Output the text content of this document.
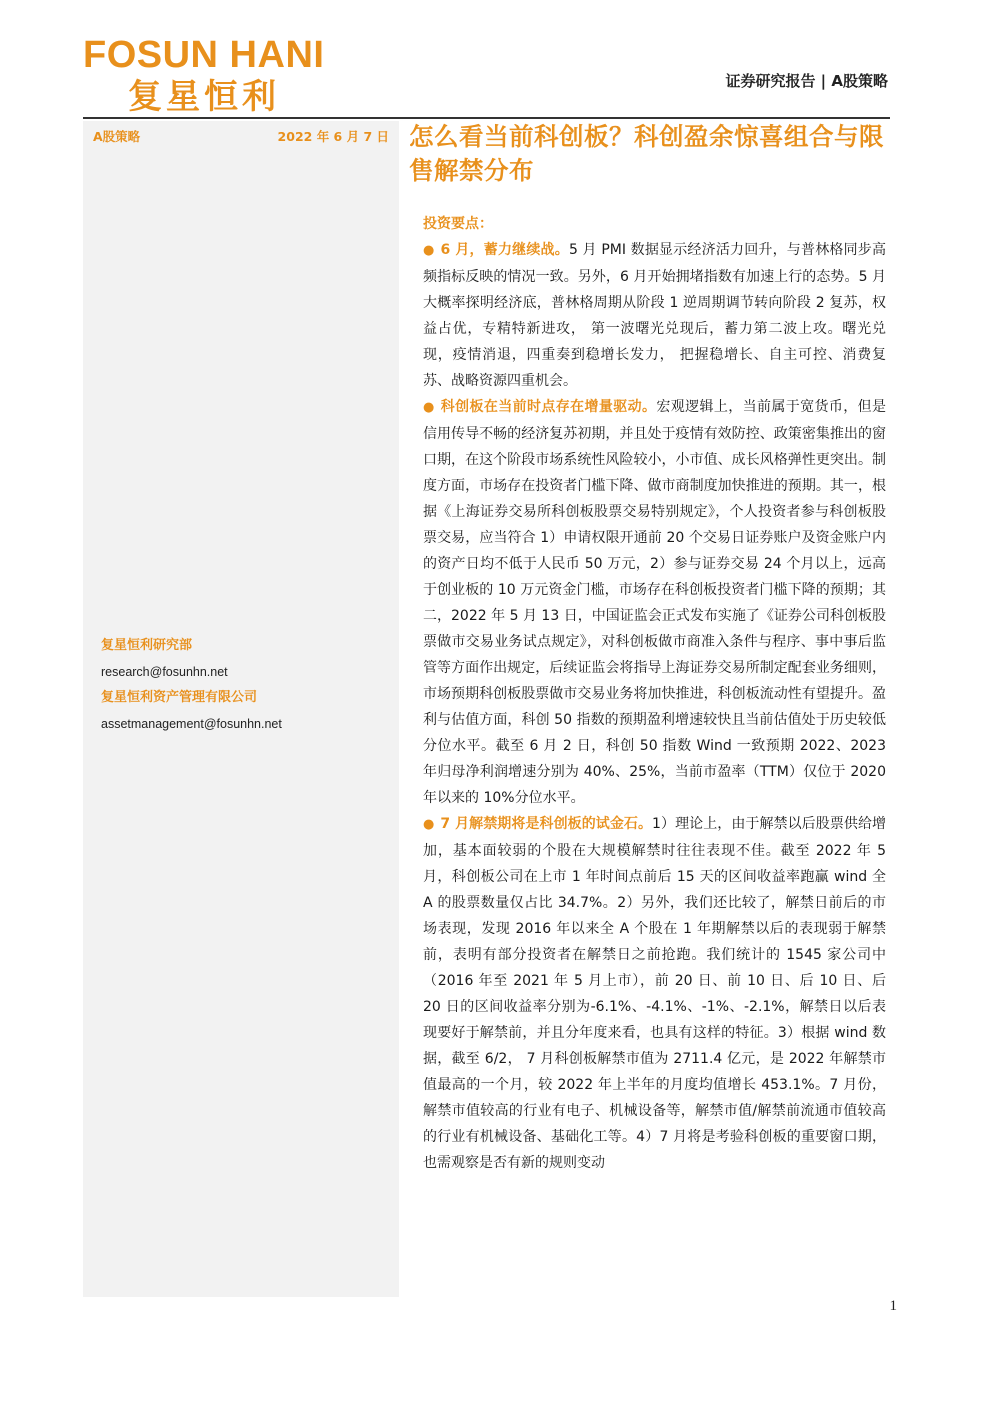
FOSUN HANI
复星恒利	证券研究报告 | A股策略
A股策略	2022 年 6 月 7 日
复星恒利研究部
research@fosunhn.net
复星恒利资产管理有限公司
assetmanagement@fosunhn.net
怎么看当前科创板？科创盈余惊喜组合与限售解禁分布
投资要点：

● 6 月，蓄力继续战。5 月 PMI 数据显示经济活力回升，与普林格同步高频指标反映的情况一致。另外，6 月开始拥堵指数有加速上行的态势。5 月大概率探明经济底，普林格周期从阶段 1 逆周期调节转向阶段 2 复苏，权益占优，专精特新进攻， 第一波曙光兑现后，蓄力第二波上攻。曙光兑现，疫情消退，四重奏到稳增长发力， 把握稳增长、自主可控、消费复苏、战略资源四重机会。

● 科创板在当前时点存在增量驱动。宏观逻辑上，当前属于宽货币，但是信用传导不畅的经济复苏初期，并且处于疫情有效防控、政策密集推出的窗口期，在这个阶段市场系统性风险较小，小市值、成长风格弹性更突出。制度方面，市场存在投资者门槛下降、做市商制度加快推进的预期。其一，根据《上海证券交易所科创板股票交易特别规定》，个人投资者参与科创板股票交易，应当符合 1）申请权限开通前 20 个交易日证券账户及资金账户内的资产日均不低于人民币 50 万元，2）参与证券交易 24 个月以上，远高于创业板的 10 万元资金门槛，市场存在科创板投资者门槛下降的预期；其二，2022 年 5 月 13 日，中国证监会正式发布实施了《证券公司科创板股票做市交易业务试点规定》，对科创板做市商准入条件与程序、事中事后监管等方面作出规定，后续证监会将指导上海证券交易所制定配套业务细则，市场预期科创板股票做市交易业务将加快推进，科创板流动性有望提升。盈利与估值方面，科创 50 指数的预期盈利增速较快且当前估值处于历史较低分位水平。截至 6 月 2 日，科创 50 指数 Wind 一致预期 2022、2023 年归母净利润增速分别为 40%、25%，当前市盈率（TTM）仅位于 2020 年以来的 10%分位水平。

● 7 月解禁期将是科创板的试金石。1）理论上，由于解禁以后股票供给增加，基本面较弱的个股在大规模解禁时往往表现不佳。截至 2022 年 5 月，科创板公司在上市 1 年时间点前后 15 天的区间收益率跑赢 wind 全 A 的股票数量仅占比 34.7%。2）另外，我们还比较了，解禁日前后的市场表现，发现 2016 年以来全 A 个股在 1 年期解禁以后的表现弱于解禁前，表明有部分投资者在解禁日之前抢跑。我们统计的 1545 家公司中（2016 年至 2021 年 5 月上市），前 20 日、前 10 日、后 10 日、后 20 日的区间收益率分别为-6.1%、-4.1%、-1%、-2.1%，解禁日以后表现要好于解禁前，并且分年度来看，也具有这样的特征。3）根据 wind 数据，截至 6/2， 7 月科创板解禁市值为 2711.4 亿元，是 2022 年解禁市值最高的一个月，较 2022 年上半年的月度均值增长 453.1%。7 月份，解禁市值较高的行业有电子、机械设备等，解禁市值/解禁前流通市值较高的行业有机械设备、基础化工等。4）7 月将是考验科创板的重要窗口期，也需观察是否有新的规则变动

1
